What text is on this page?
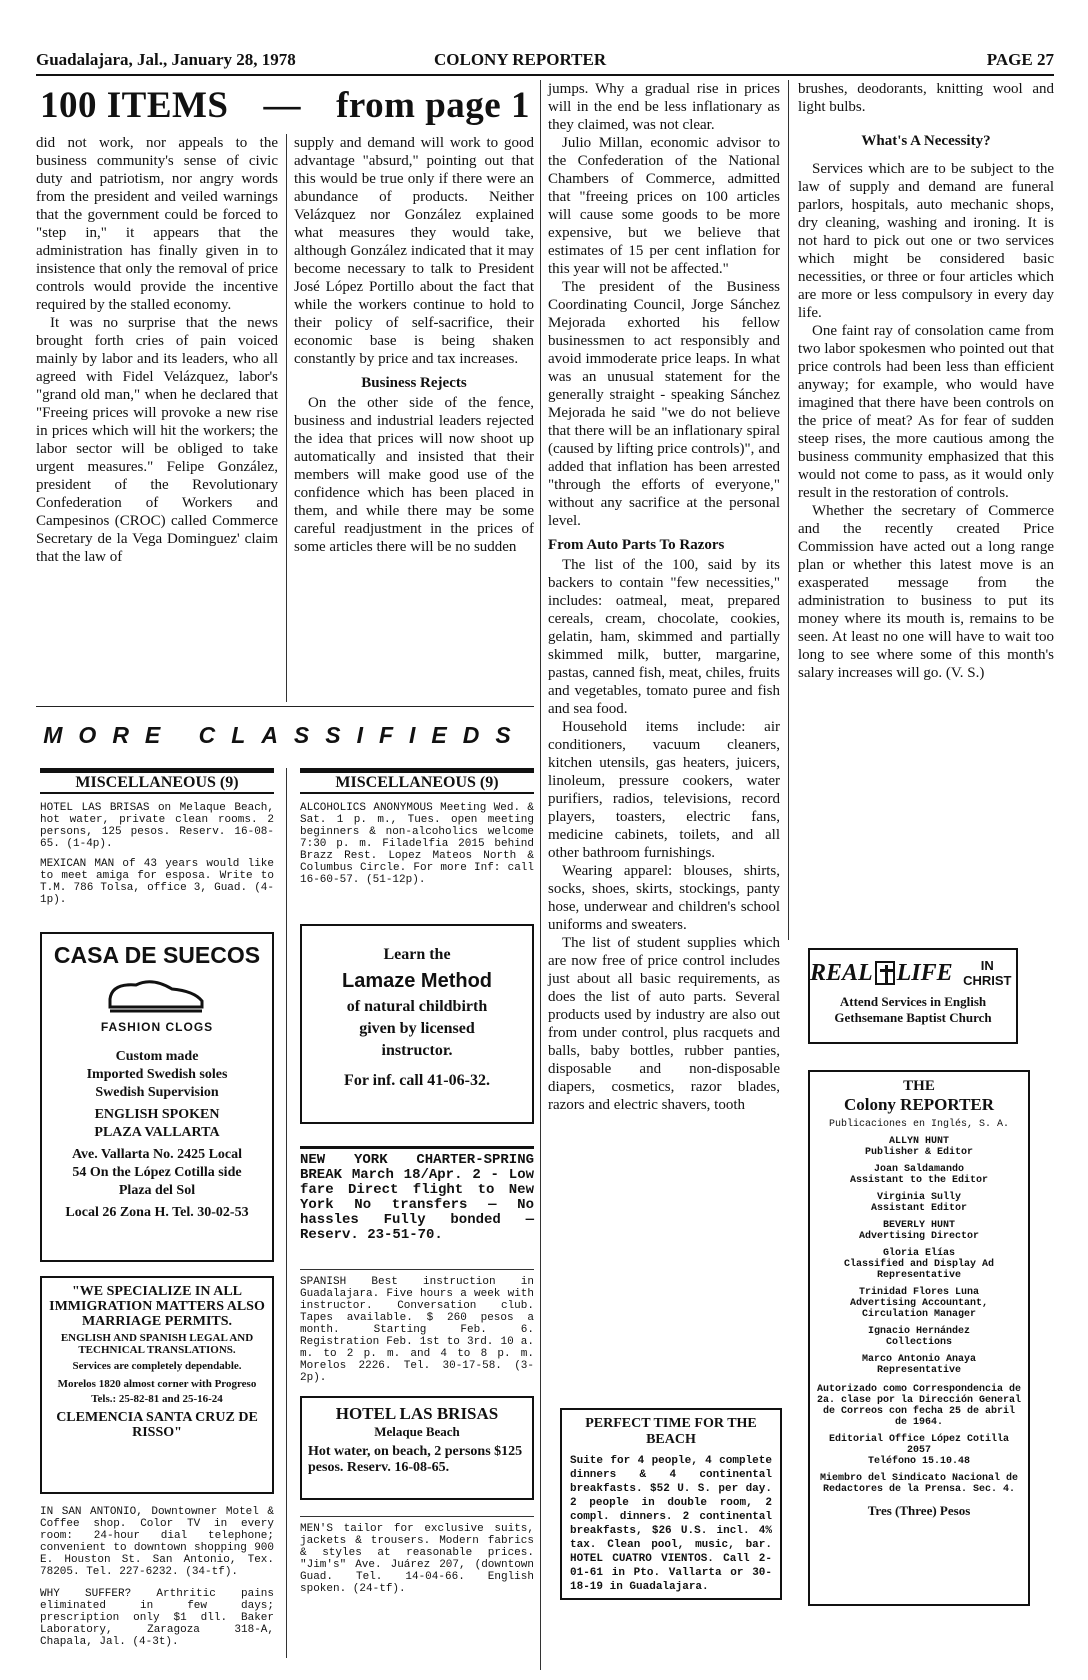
Guadalajara, Jal., January 28, 1978	COLONY REPORTER	PAGE 27
100 ITEMS — from page 1

did not work, nor appeals to the business community's sense of civic duty and patriotism, nor angry words from the president and veiled warnings that the government could be forced to "step in," it appears that the administration has finally given in to insistence that only the removal of price controls would provide the incentive required by the stalled economy.

It was no surprise that the news brought forth cries of pain voiced mainly by labor and its leaders, who all agreed with Fidel Velázquez, labor's "grand old man," when he declared that "Freeing prices will provoke a new rise in prices which will hit the workers; the labor sector will be obliged to take urgent measures." Felipe González, president of the Revolutionary Confederation of Workers and Campesinos (CROC) called Commerce Secretary de la Vega Dominguez' claim that the law of

supply and demand will work to good advantage "absurd," pointing out that this would be true only if there were an abundance of products. Neither Velázquez nor González explained what measures they would take, although González indicated that it may become necessary to talk to President José López Portillo about the fact that while the workers continue to hold to their policy of self-sacrifice, their economic base is being shaken constantly by price and tax increases.

Business Rejects

On the other side of the fence, business and industrial leaders rejected the idea that prices will now shoot up automatically and insisted that their members will make good use of the confidence which has been placed in them, and while there may be some careful readjustment in the prices of some articles there will be no sudden

jumps. Why a gradual rise in prices will in the end be less inflationary as they claimed, was not clear.

Julio Millan, economic advisor to the Confederation of the National Chambers of Commerce, admitted that "freeing prices on 100 articles will cause some goods to be more expensive, but we believe that estimates of 15 per cent inflation for this year will not be affected."

The president of the Business Coordinating Council, Jorge Sánchez Mejorada exhorted his fellow businessmen to act responsibly and avoid immoderate price leaps. In what was an unusual statement for the generally straight - speaking Sánchez Mejorada he said "we do not believe that there will be an inflationary spiral (caused by lifting price controls)", and added that inflation has been arrested "through the efforts of everyone," without any sacrifice at the personal level.

From Auto Parts To Razors

The list of the 100, said by its backers to contain "few necessities," includes: oatmeal, meat, prepared cereals, cream, chocolate, cookies, gelatin, ham, skimmed and partially skimmed milk, butter, margarine, pastas, canned fish, meat, chiles, fruits and vegetables, tomato puree and fish and sea food.

Household items include: air conditioners, vacuum cleaners, kitchen utensils, gas heaters, juicers, linoleum, pressure cookers, water purifiers, radios, televisions, record players, toasters, electric fans, medicine cabinets, toilets, and all other bathroom furnishings.

Wearing apparel: blouses, shirts, socks, shoes, skirts, stockings, panty hose, underwear and children's school uniforms and sweaters.

The list of student supplies which are now free of price control includes just about all basic requirements, as does the list of auto parts. Several products used by industry are also out from under control, plus racquets and balls, baby bottles, rubber panties, disposable and non-disposable diapers, cosmetics, razor blades, razors and electric shavers, tooth

brushes, deodorants, knitting wool and light bulbs.

What's A Necessity?

Services which are to be subject to the law of supply and demand are funeral parlors, hospitals, auto mechanic shops, dry cleaning, washing and ironing. It is not hard to pick out one or two services which might be considered basic necessities, or three or four articles which are more or less compulsory in every day life.

One faint ray of consolation came from two labor spokesmen who pointed out that price controls had been less than efficient anyway; for example, who would have imagined that there have been controls on the price of meat? As for fear of sudden steep rises, the more cautious among the business community emphasized that this would not come to pass, as it would only result in the restoration of controls.

Whether the secretary of Commerce and the recently created Price Commission have acted out a long range plan or whether this latest move is an exasperated message from the administration to business to put its money where its mouth is, remains to be seen. At least no one will have to wait too long to see where some of this month's salary increases will go. (V. S.)

MORE CLASSIFIEDS
MISCELLANEOUS (9)
HOTEL LAS BRISAS on Melaque Beach, hot water, private clean rooms. 2 persons, 125 pesos. Reserv. 16-08-65. (1-4p).
MEXICAN MAN of 43 years would like to meet amiga for esposa. Write to T.M. 786 Tolsa, office 3, Guad. (4-1p).
CASA DE SUECOS
FASHION CLOGS
Custom made
Imported Swedish soles
Swedish Supervision
ENGLISH SPOKEN
PLAZA VALLARTA
Ave. Vallarta No. 2425 Local
54 On the López Cotilla side
Plaza del Sol
Local 26 Zona H. Tel. 30-02-53
"WE SPECIALIZE IN ALL IMMIGRATION MATTERS ALSO MARRIAGE PERMITS.
ENGLISH AND SPANISH LEGAL AND TECHNICAL TRANSLATIONS.
Services are completely dependable.
Morelos 1820 almost corner with Progreso
Tels.: 25-82-81 and 25-16-24
CLEMENCIA SANTA CRUZ DE RISSO"
IN SAN ANTONIO, Downtowner Motel & Coffee shop. Color TV in every room: 24-hour dial telephone; convenient to downtown shopping 900 E. Houston St. San Antonio, Tex. 78205. Tel. 227-6232. (34-tf).
WHY SUFFER? Arthritic pains eliminated in few days; prescription only $1 dll. Baker Laboratory, Zaragoza 318-A, Chapala, Jal. (4-3t).
MISCELLANEOUS (9)
ALCOHOLICS ANONYMOUS Meeting Wed. & Sat. 1 p. m., Tues. open meeting beginners & non-alcoholics welcome 7:30 p. m. Filadelfia 2015 behind Brazz Rest. Lopez Mateos North & Columbus Circle. For more Inf: call 16-60-57. (51-12p).
Learn the
Lamaze Method
of natural childbirth
given by licensed
instructor.
For inf. call 41-06-32.
NEW YORK CHARTER-SPRING BREAK March 18/Apr. 2 - Low fare Direct flight to New York No transfers — No hassles Fully bonded — Reserv. 23-51-70.
SPANISH Best instruction in Guadalajara. Five hours a week with instructor. Conversation club. Tapes available. $ 260 pesos a month. Starting Feb. 6. Registration Feb. 1st to 3rd. 10 a. m. to 2 p. m. and 4 to 8 p. m. Morelos 2226. Tel. 30-17-58. (3-2p).
HOTEL LAS BRISAS
Melaque Beach
Hot water, on beach, 2 persons $125 pesos. Reserv. 16-08-65.
MEN'S tailor for exclusive suits, jackets & trousers. Modern fabrics & styles at reasonable prices. "Jim's" Ave. Juárez 207, (downtown Guad. Tel. 14-04-66. English spoken. (24-tf).
PERFECT TIME FOR THE BEACH
Suite for 4 people, 4 complete dinners & 4 continental breakfasts. $52 U. S. per day. 2 people in double room, 2 compl. dinners. 2 continental breakfasts, $26 U.S. incl. 4% tax. Clean pool, music, bar. HOTEL CUATRO VIENTOS. Call 2-01-61 in Pto. Vallarta or 30-18-19 in Guadalajara.
REAL LIFE	IN CHRIST
Attend Services in English
Gethsemane Baptist Church
THE
Colony REPORTER
Publicaciones en Inglés, S. A.
ALLYN HUNT
Publisher & Editor
Joan Saldamando
Assistant to the Editor
Virginia Sully
Assistant Editor
BEVERLY HUNT
Advertising Director
Gloria Elías
Classified and Display Ad Representative
Trinidad Flores Luna
Advertising Accountant, Circulation Manager
Ignacio Hernández
Collections
Marco Antonio Anaya
Representative
Autorizado como Correspondencia de 2a. clase por la Dirección General de Correos con fecha 25 de abril de 1964.
Editorial Office López Cotilla 2057
Teléfono 15.10.48
Miembro del Sindicato Nacional de Redactores de la Prensa. Sec. 4.
Tres (Three) Pesos
